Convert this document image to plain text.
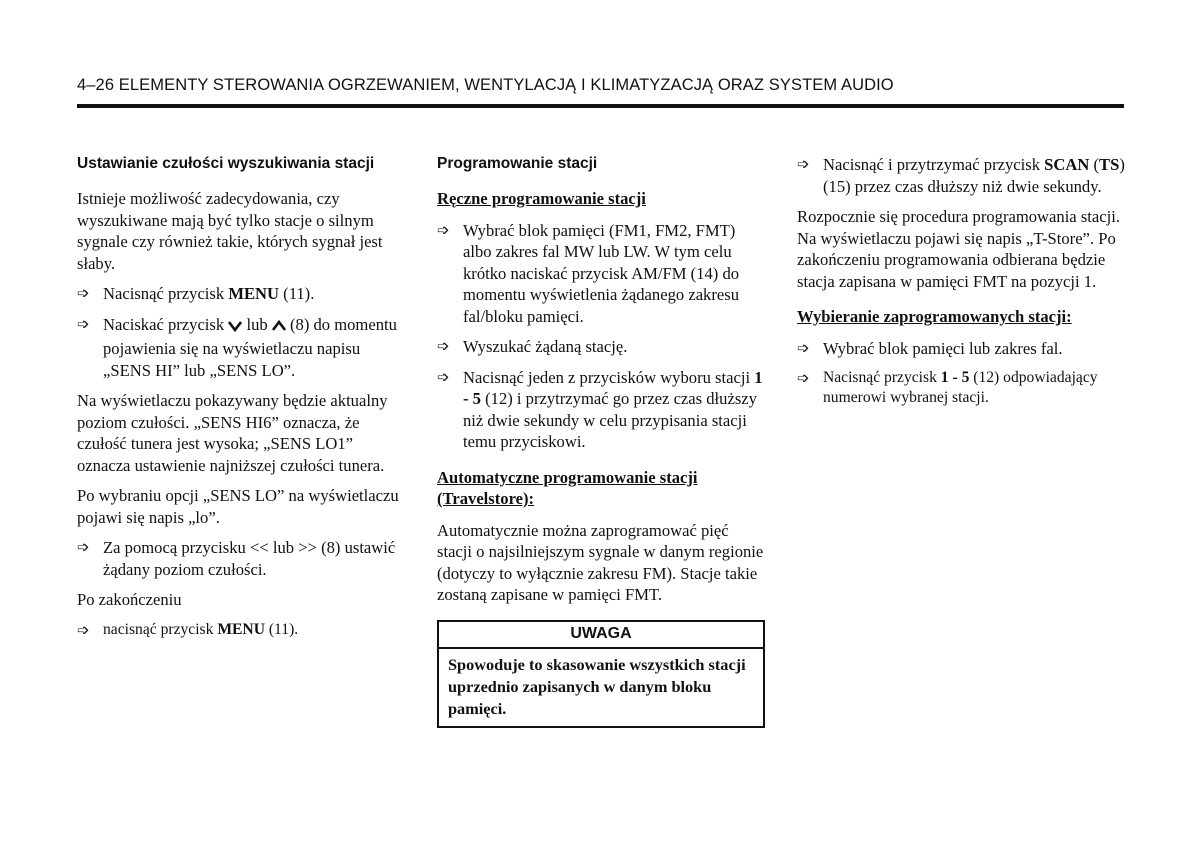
4–26 ELEMENTY STEROWANIA OGRZEWANIEM, WENTYLACJĄ I KLIMATYZACJĄ ORAZ SYSTEM AUDIO
Ustawianie czułości wyszukiwania stacji

Istnieje możliwość zadecydowania, czy wyszukiwane mają być tylko stacje o silnym sygnale czy również takie, których sygnał jest słaby.

➩ Nacisnąć przycisk MENU (11).
➩ Naciskać przycisk  lub  (8) do momentu pojawienia się na wyświetlaczu napisu „SENS HI” lub „SENS LO”.

Na wyświetlaczu pokazywany będzie aktualny poziom czułości. „SENS HI6” oznacza, że czułość tunera jest wysoka; „SENS LO1” oznacza ustawienie najniższej czułości tunera.

Po wybraniu opcji „SENS LO” na wyświetlaczu pojawi się napis „lo”.

➩ Za pomocą przycisku << lub >> (8) ustawić żądany poziom czułości.

Po zakończeniu

➩ nacisnąć przycisk MENU (11).
Programowanie stacji
Ręczne programowanie stacji
➩ Wybrać blok pamięci (FM1, FM2, FMT) albo zakres fal MW lub LW. W tym celu krótko naciskać przycisk AM/FM (14) do momentu wyświetlenia żądanego zakresu fal/bloku pamięci.
➩ Wyszukać żądaną stację.
➩ Nacisnąć jeden z przycisków wyboru stacji 1 - 5 (12) i przytrzymać go przez czas dłuższy niż dwie sekundy w celu przypisania stacji temu przyciskowi.
Automatyczne programowanie stacji (Travelstore):

Automatycznie można zaprogramować pięć stacji o najsilniejszym sygnale w danym regionie (dotyczy to wyłącznie zakresu FM). Stacje takie zostaną zapisane w pamięci FMT.

UWAGA
Spowoduje to skasowanie wszystkich stacji uprzednio zapisanych w danym bloku pamięci.
➩ Nacisnąć i przytrzymać przycisk SCAN (TS) (15) przez czas dłuższy niż dwie sekundy.

Rozpocznie się procedura programowania stacji. Na wyświetlaczu pojawi się napis „T-Store”. Po zakończeniu programowania odbierana będzie stacja zapisana w pamięci FMT na pozycji 1.

Wybieranie zaprogramowanych stacji:
➩ Wybrać blok pamięci lub zakres fal.
➩ Nacisnąć przycisk 1 - 5 (12) odpowiadający numerowi wybranej stacji.
